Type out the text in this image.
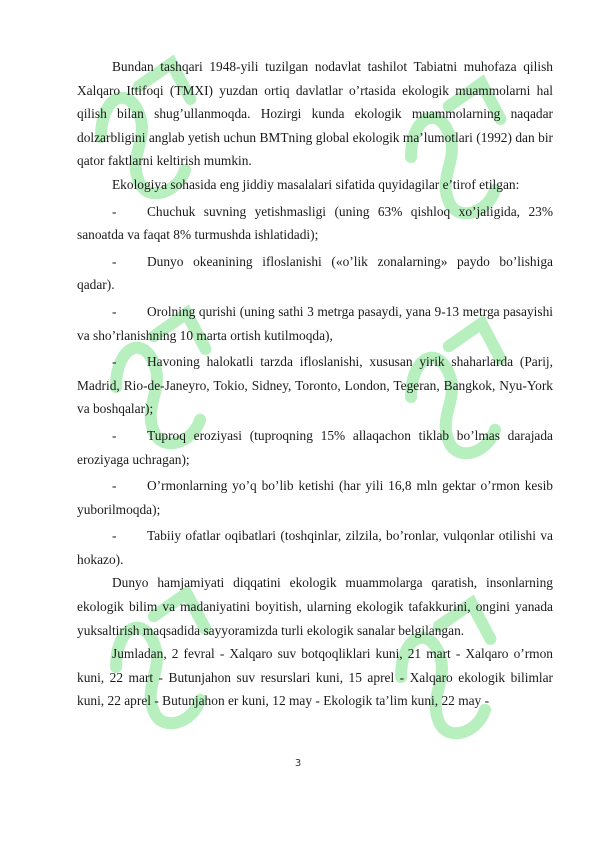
Bundan tashqari 1948-yili tuzilgan nodavlat tashilot Tabiatni muhofaza qilish Xalqaro Ittifoqi (TMXI) yuzdan ortiq davlatlar o’rtasida ekologik muammolarni hal qilish bilan shug’ullanmoqda. Hozirgi kunda ekologik muammolarning naqadar dolzarbligini anglab yetish uchun BMTning global ekologik ma’lumotlari (1992) dan bir qator faktlarni keltirish mumkin.

Ekologiya sohasida eng jiddiy masalalari sifatida quyidagilar e’tirof etilgan:

- Chuchuk suvning yetishmasligi (uning 63% qishloq xo’jaligida, 23% sanoatda va faqat 8% turmushda ishlatidadi);

- Dunyo okeanining ifloslanishi («o’lik zonalarning» paydo bo’lishiga qadar).

- Orolning qurishi (uning sathi 3 metrga pasaydi, yana 9-13 metrga pasayishi va sho’rlanishning 10 marta ortish kutilmoqda),

- Havoning halokatli tarzda ifloslanishi, xususan yirik shaharlarda (Parij, Madrid, Rio-de-Janeyro, Tokio, Sidney, Toronto, London, Tegeran, Bangkok, Nyu-York va boshqalar);

- Tuproq eroziyasi (tuproqning 15% allaqachon tiklab bo’lmas darajada eroziyaga uchragan);

- O’rmonlarning yo’q bo’lib ketishi (har yili 16,8 mln gektar o’rmon kesib yuborilmoqda);

- Tabiiy ofatlar oqibatlari (toshqinlar, zilzila, bo’ronlar, vulqonlar otilishi va hokazo).

Dunyo hamjamiyati diqqatini ekologik muammolarga qaratish, insonlarning ekologik bilim va madaniyatini boyitish, ularning ekologik tafakkurini, ongini yanada yuksaltirish maqsadida sayyoramizda turli ekologik sanalar belgilangan.

Jumladan, 2 fevral - Xalqaro suv botqoqliklari kuni, 21 mart - Xalqaro o’rmon kuni, 22 mart - Butunjahon suv resurslari kuni, 15 aprel - Xalqaro ekologik bilimlar kuni, 22 aprel - Butunjahon er kuni, 12 may - Ekologik ta’lim kuni, 22 may -

3
